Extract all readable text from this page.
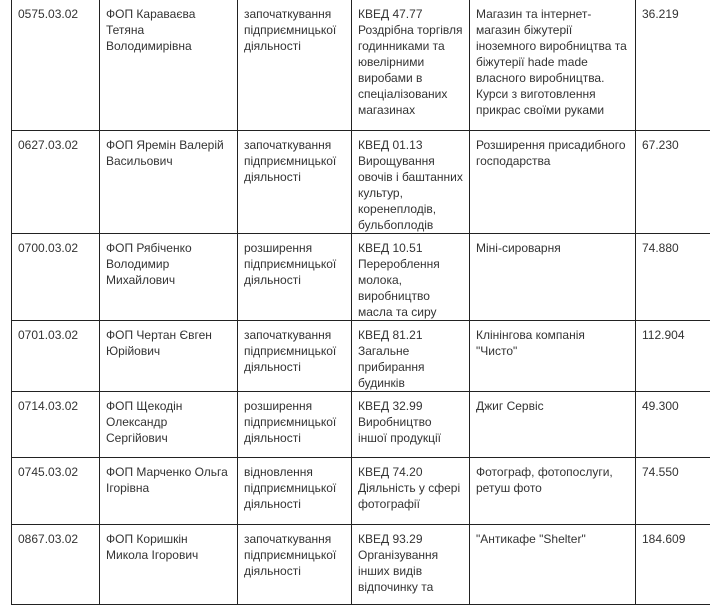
0575.03.02	ФОП Караваєва Тетяна Володимирівна	започаткування підприємницької діяльності	КВЕД 47.77 Роздрібна торгівля годинниками та ювелірними виробами в спеціалізованих магазинах	Магазин та інтернет-магазин біжутерії іноземного виробництва та біжутерії hade made власного виробництва. Курси з виготовлення прикрас своїми руками	36.219
0627.03.02	ФОП Яремін Валерій Васильович	започаткування підприємницької діяльності	КВЕД 01.13 Вирощування овочів і баштанних культур, коренеплодів, бульбоплодів	Розширення присадибного господарства	67.230
0700.03.02	ФОП Рябіченко Володимир Михайлович	розширення підприємницької діяльності	КВЕД 10.51 Перероблення молока, виробництво масла та сиру	Міні-сироварня	74.880
0701.03.02	ФОП Чертан Євген Юрійович	започаткування підприємницької діяльності	КВЕД 81.21 Загальне прибирання будинків	Клінінгова компанія "Чисто"	112.904
0714.03.02	ФОП Щекодін Олександр Сергійович	розширення підприємницької діяльності	КВЕД 32.99 Виробництво іншої продукції	Джиг Сервіс	49.300
0745.03.02	ФОП Марченко Ольга Ігорівна	відновлення підприємницької діяльності	КВЕД 74.20 Діяльність у сфері фотографії	Фотограф, фотопослуги, ретуш фото	74.550
0867.03.02	ФОП Коришкін Микола Ігорович	започаткування підприємницької діяльності	КВЕД 93.29 Організування інших видів відпочинку та	"Антикафе "Shelter"	184.609
